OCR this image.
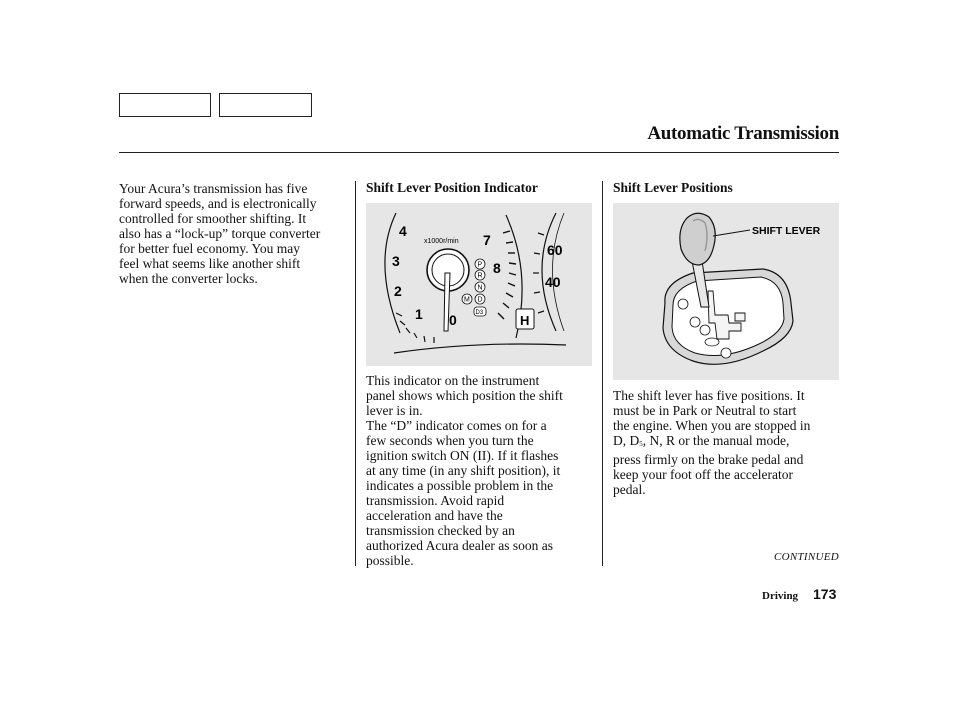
Automatic Transmission
Your Acura’s transmission has five
forward speeds, and is electronically
controlled for smoother shifting. It
also has a “lock-up” torque converter
for better fuel economy. You may
feel what seems like another shift
when the converter locks.
Shift Lever Position Indicator
4
3
2
1 0
7
8
x1000r/min
P
R
N
M D
D3	H
60
40
This indicator on the instrument
panel shows which position the shift
lever is in.
The “D” indicator comes on for a
few seconds when you turn the
ignition switch ON (II). If it flashes
at any time (in any shift position), it
indicates a possible problem in the
transmission. Avoid rapid
acceleration and have the
transmission checked by an
authorized Acura dealer as soon as
possible.
Shift Lever Positions
SHIFT LEVER
The shift lever has five positions. It
must be in Park or Neutral to start
the engine. When you are stopped in
D, $D_5$, N, R or the manual mode,
press firmly on the brake pedal and
keep your foot off the accelerator
pedal.
CONTINUED
Driving 173
